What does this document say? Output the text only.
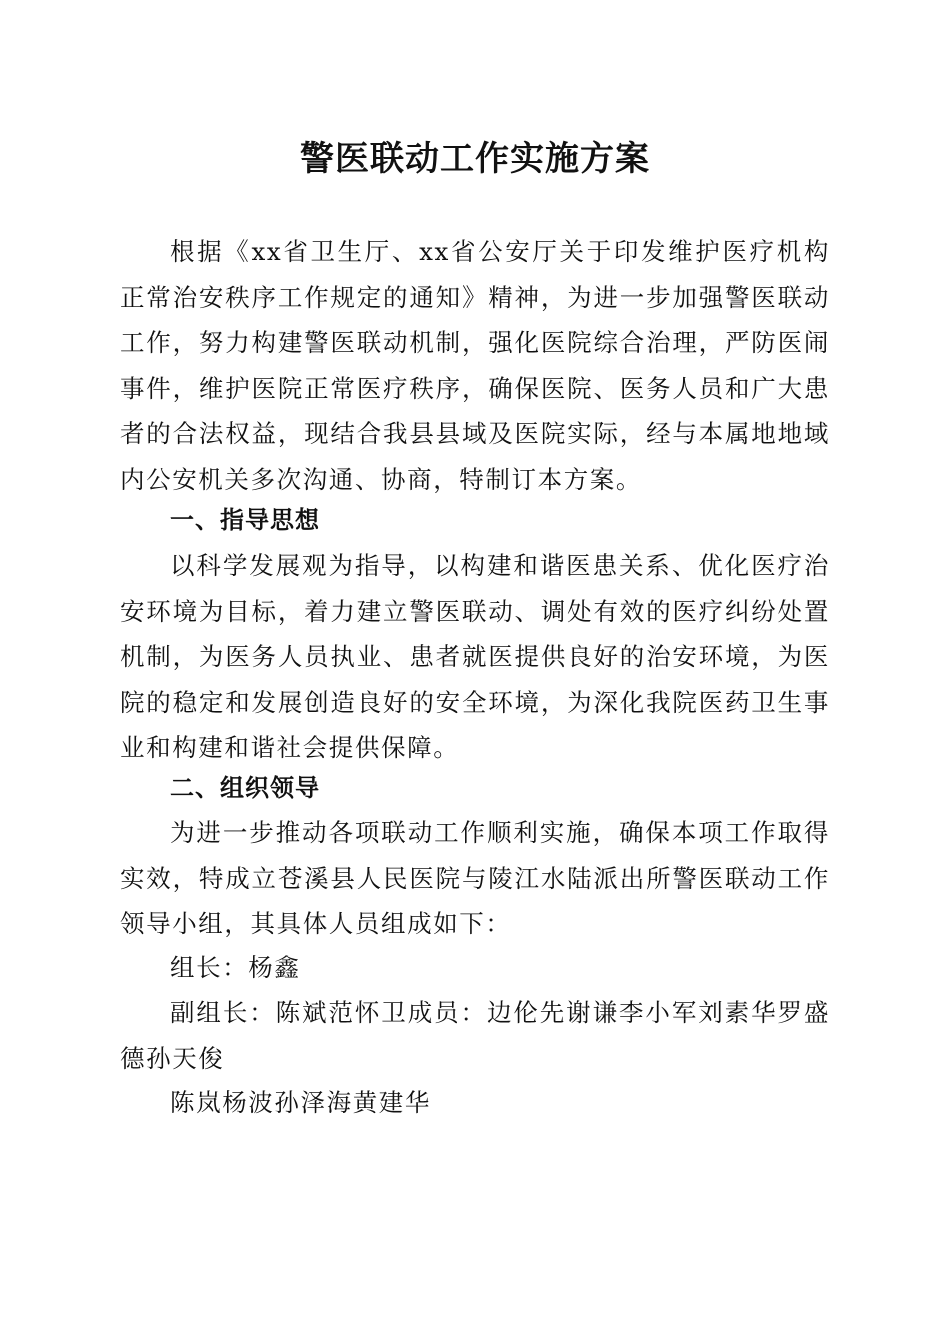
警医联动工作实施方案

根据《xx省卫生厅、xx省公安厅关于印发维护医疗机构正常治安秩序工作规定的通知》精神，为进一步加强警医联动工作，努力构建警医联动机制，强化医院综合治理，严防医闹事件，维护医院正常医疗秩序，确保医院、医务人员和广大患者的合法权益，现结合我县县域及医院实际，经与本属地地域内公安机关多次沟通、协商，特制订本方案。

一、指导思想

以科学发展观为指导，以构建和谐医患关系、优化医疗治安环境为目标，着力建立警医联动、调处有效的医疗纠纷处置机制，为医务人员执业、患者就医提供良好的治安环境，为医院的稳定和发展创造良好的安全环境，为深化我院医药卫生事业和构建和谐社会提供保障。

二、组织领导

为进一步推动各项联动工作顺利实施，确保本项工作取得实效，特成立苍溪县人民医院与陵江水陆派出所警医联动工作领导小组，其具体人员组成如下：

组长：杨鑫

副组长：陈斌范怀卫成员：边伦先谢谦李小军刘素华罗盛德孙天俊

陈岚杨波孙泽海黄建华
